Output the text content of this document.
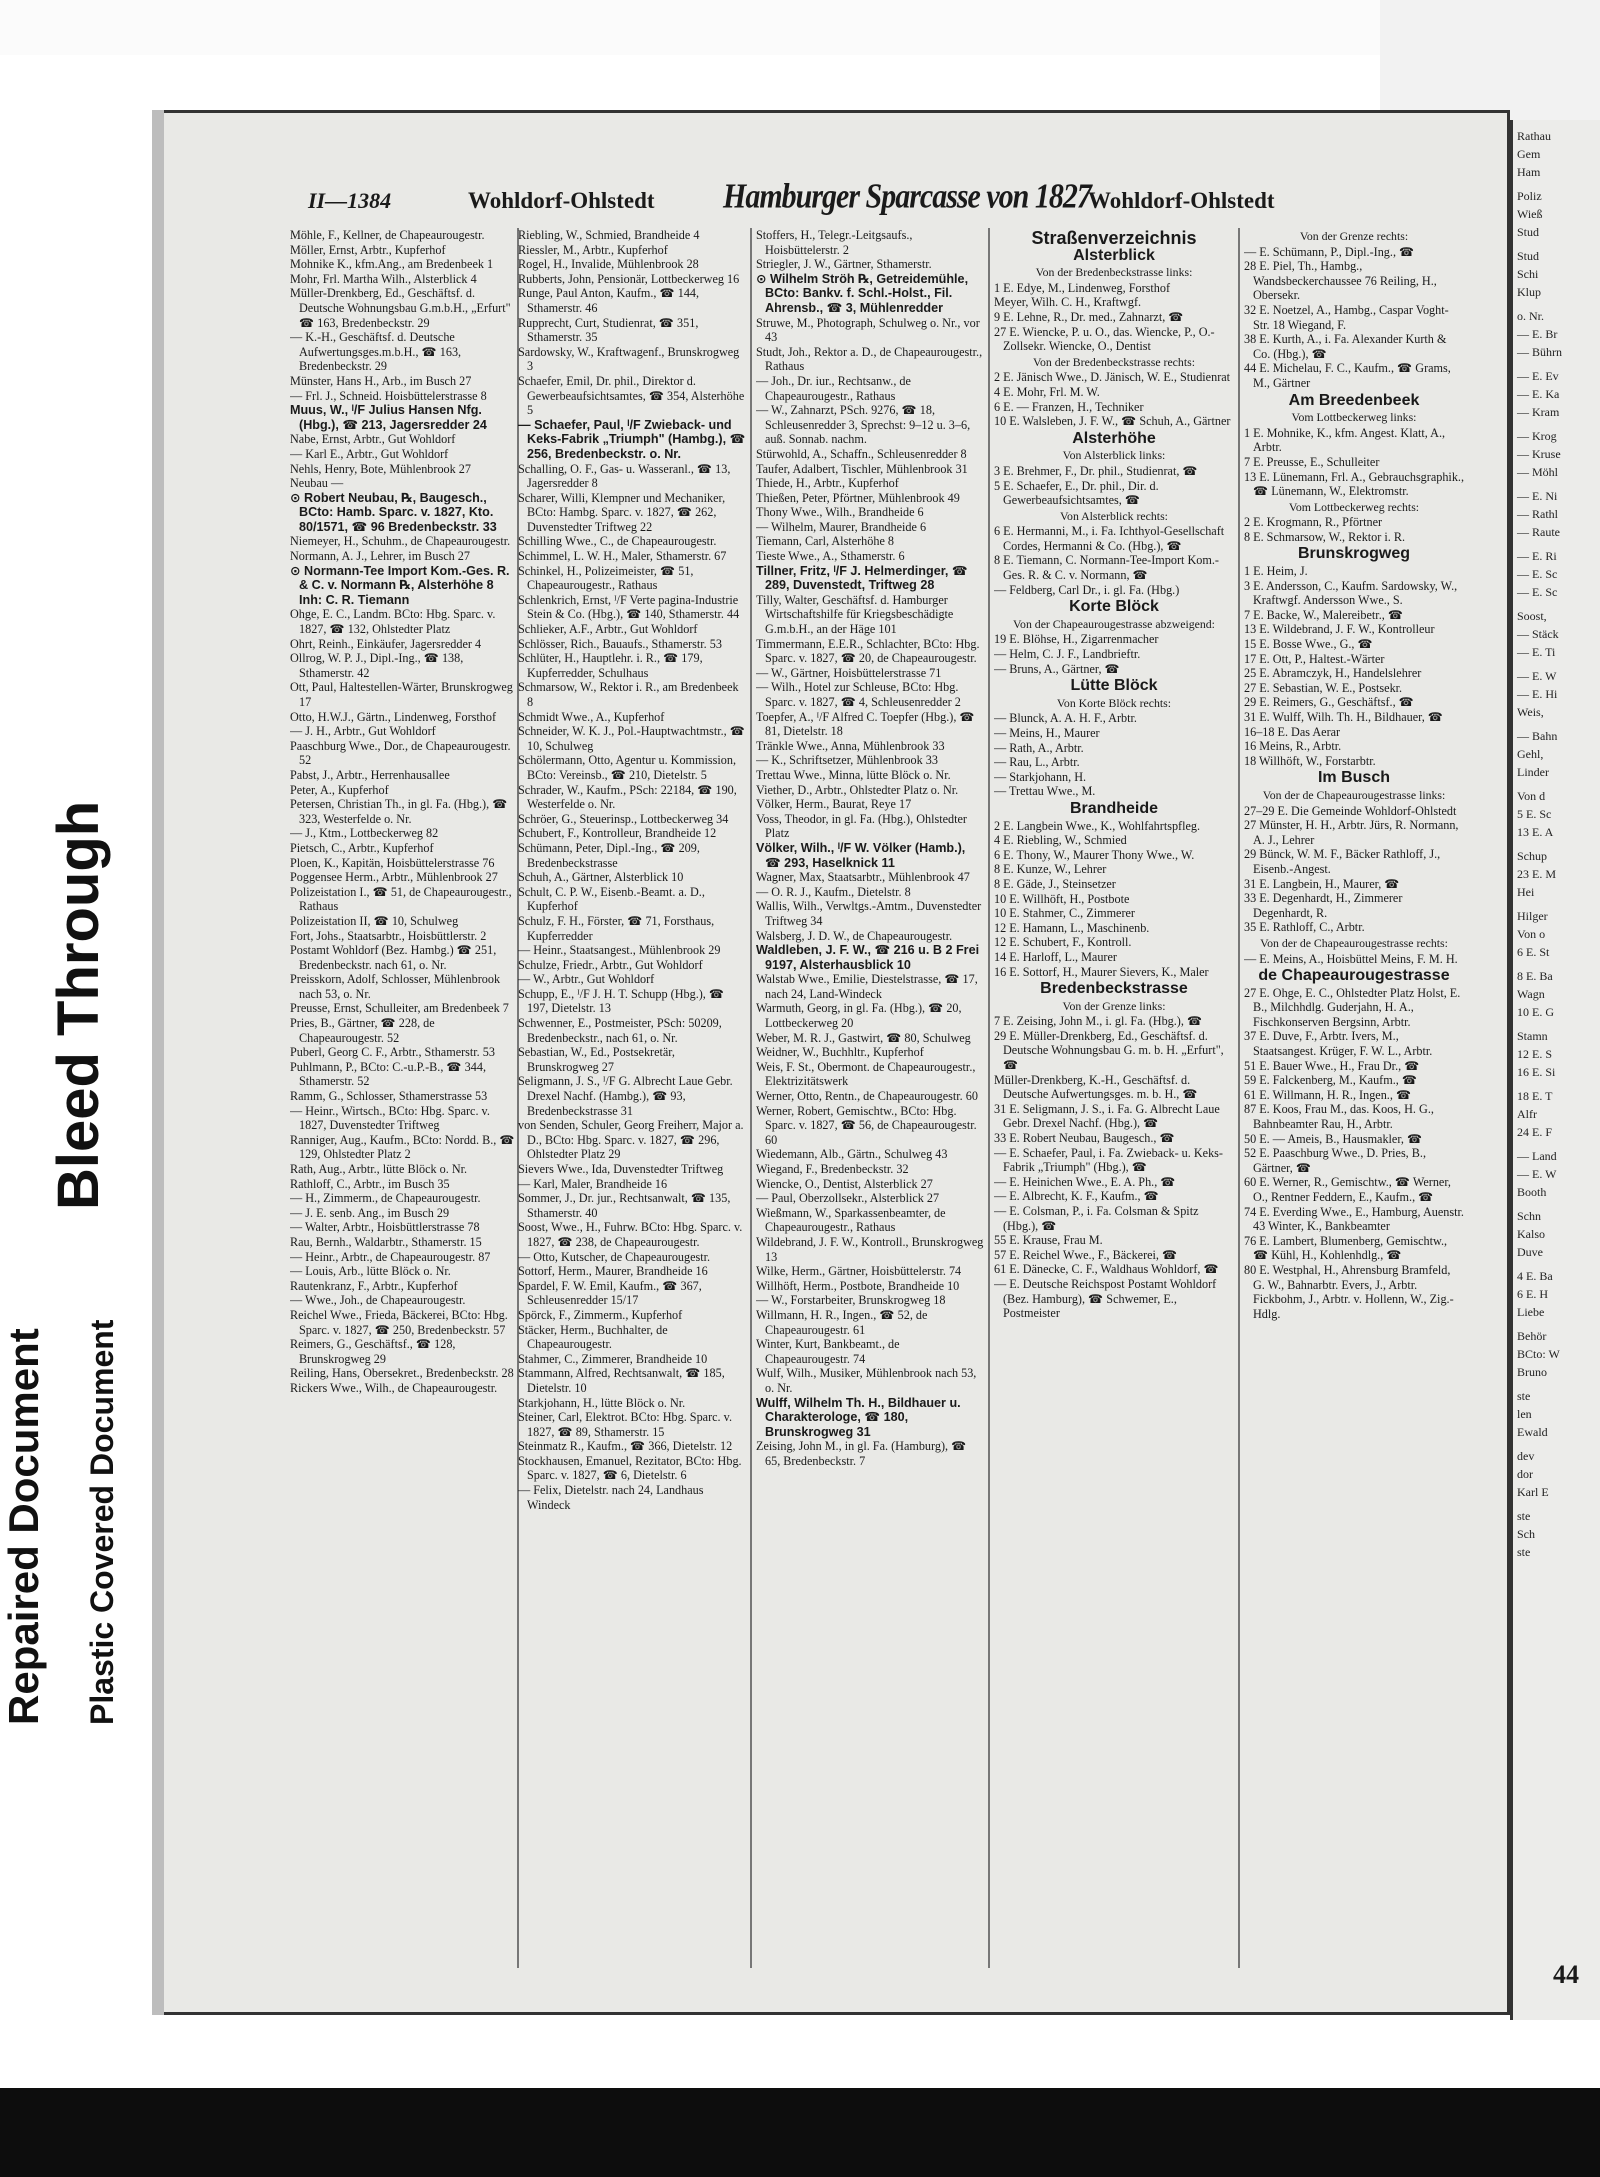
Repaired Document Plastic Covered Document
Bleed Through
Rathau
Gem
Ham
Poliz
Wieß
Stud
Stud
Schi
Klup
o. Nr.
— E. Br
— Bührn
— E. Ev
— E. Ka
— Kram
— Krog
— Kruse
— Möhl
— E. Ni
— Rathl
— Raute
— E. Ri
— E. Sc
— E. Sc
Soost,
— Stäck
— E. Ti
— E. W
— E. Hi
Weis,
— Bahn
Gehl,
Linder
Von d
5 E. Sc
13 E. A
Schup
23 E. M
Hei
Hilger
Von o
6 E. St
8 E. Ba
Wagn
10 E. G
Stamn
12 E. S
16 E. Si
18 E. T
Alfr
24 E. F
— Land
— E. W
Booth
Schn
Kalso
Duve
4 E. Ba
6 E. H
Liebe
Behör
BCto: W
Bruno
ste
len
Ewald
dev
dor
Karl E
ste
Sch
ste
44
II—1384	Wohldorf-Ohlstedt Hamburger Sparcasse von 1827
Wohldorf-Ohlstedt
Möhle, F., Kellner, de Chapeaurougestr.
Möller, Ernst, Arbtr., Kupferhof
Mohnike K., kfm.Ang., am Bredenbeek 1
Mohr, Frl. Martha Wilh., Alsterblick 4
Müller-Drenkberg, Ed., Geschäftsf. d. Deutsche Wohnungsbau G.m.b.H., „Erfurt" ☎ 163, Bredenbeckstr. 29
— K.-H., Geschäftsf. d. Deutsche Aufwertungsges.m.b.H., ☎ 163, Bredenbeckstr. 29
Münster, Hans H., Arb., im Busch 27
— Frl. J., Schneid. Hoisbüttelerstrasse 8
Muus, W., ᴵ/F Julius Hansen Nfg. (Hbg.), ☎ 213, Jagersredder 24
Nabe, Ernst, Arbtr., Gut Wohldorf
— Karl E., Arbtr., Gut Wohldorf
Nehls, Henry, Bote, Mühlenbrook 27
Neubau —
⊙ Robert Neubau, ℞, Baugesch., BCto: Hamb. Sparc. v. 1827, Kto. 80/1571, ☎ 96 Bredenbeckstr. 33
Niemeyer, H., Schuhm., de Chapeaurougestr.
Normann, A. J., Lehrer, im Busch 27
⊙ Normann-Tee Import Kom.-Ges. R. & C. v. Normann ℞, Alsterhöhe 8 Inh: C. R. Tiemann
Ohge, E. C., Landm. BCto: Hbg. Sparc. v. 1827, ☎ 132, Ohlstedter Platz
Ohrt, Reinh., Einkäufer, Jagersredder 4
Ollrog, W. P. J., Dipl.-Ing., ☎ 138, Sthamerstr. 42
Ott, Paul, Haltestellen-Wärter, Brunskrogweg 17
Otto, H.W.J., Gärtn., Lindenweg, Forsthof
— J. H., Arbtr., Gut Wohldorf
Paaschburg Wwe., Dor., de Chapeaurougestr. 52
Pabst, J., Arbtr., Herrenhausallee
Peter, A., Kupferhof
Petersen, Christian Th., in gl. Fa. (Hbg.), ☎ 323, Westerfelde o. Nr.
— J., Ktm., Lottbeckerweg 82
Pietsch, C., Arbtr., Kupferhof
Ploen, K., Kapitän, Hoisbüttelerstrasse 76
Poggensee Herm., Arbtr., Mühlenbrook 27
Polizeistation I., ☎ 51, de Chapeaurougestr., Rathaus
Polizeistation II, ☎ 10, Schulweg
Fort, Johs., Staatsarbtr., Hoisbüttlerstr. 2
Postamt Wohldorf (Bez. Hambg.) ☎ 251, Bredenbeckstr. nach 61, o. Nr.
Preisskorn, Adolf, Schlosser, Mühlenbrook nach 53, o. Nr.
Preusse, Ernst, Schulleiter, am Bredenbeek 7
Pries, B., Gärtner, ☎ 228, de Chapeaurougestr. 52
Puberl, Georg C. F., Arbtr., Sthamerstr. 53
Puhlmann, P., BCto: C.-u.P.-B., ☎ 344, Sthamerstr. 52
Ramm, G., Schlosser, Sthamerstrasse 53
— Heinr., Wirtsch., BCto: Hbg. Sparc. v. 1827, Duvenstedter Triftweg
Ranniger, Aug., Kaufm., BCto: Nordd. B., ☎ 129, Ohlstedter Platz 2
Rath, Aug., Arbtr., lütte Blöck o. Nr.
Rathloff, C., Arbtr., im Busch 35
— H., Zimmerm., de Chapeaurougestr.
— J. E. senb. Ang., im Busch 29
— Walter, Arbtr., Hoisbüttlerstrasse 78
Rau, Bernh., Waldarbtr., Sthamerstr. 15
— Heinr., Arbtr., de Chapeaurougestr. 87
— Louis, Arb., lütte Blöck o. Nr.
Rautenkranz, F., Arbtr., Kupferhof
— Wwe., Joh., de Chapeaurougestr.
Reichel Wwe., Frieda, Bäckerei, BCto: Hbg. Sparc. v. 1827, ☎ 250, Bredenbeckstr. 57
Reimers, G., Geschäftsf., ☎ 128, Brunskrogweg 29
Reiling, Hans, Obersekret., Bredenbeckstr. 28
Rickers Wwe., Wilh., de Chapeaurougestr.
Riebling, W., Schmied, Brandheide 4
Riessler, M., Arbtr., Kupferhof
Rogel, H., Invalide, Mühlenbrook 28
Rubberts, John, Pensionär, Lottbeckerweg 16
Runge, Paul Anton, Kaufm., ☎ 144, Sthamerstr. 46
Rupprecht, Curt, Studienrat, ☎ 351, Sthamerstr. 35
Sardowsky, W., Kraftwagenf., Brunskrogweg 3
Schaefer, Emil, Dr. phil., Direktor d. Gewerbeaufsichtsamtes, ☎ 354, Alsterhöhe 5
— Schaefer, Paul, ᴵ/F Zwieback- und Keks-Fabrik „Triumph" (Hambg.), ☎ 256, Bredenbeckstr. o. Nr.
Schalling, O. F., Gas- u. Wasseranl., ☎ 13, Jagersredder 8
Scharer, Willi, Klempner und Mechaniker, BCto: Hambg. Sparc. v. 1827, ☎ 262, Duvenstedter Triftweg 22
Schilling Wwe., C., de Chapeaurougestr.
Schimmel, L. W. H., Maler, Sthamerstr. 67
Schinkel, H., Polizeimeister, ☎ 51, Chapeaurougestr., Rathaus
Schlenkrich, Ernst, ᴵ/F Verte pagina-Industrie Stein & Co. (Hbg.), ☎ 140, Sthamerstr. 44
Schlieker, A.F., Arbtr., Gut Wohldorf
Schlösser, Rich., Bauaufs., Sthamerstr. 53
Schlüter, H., Hauptlehr. i. R., ☎ 179, Kupferredder, Schulhaus
Schmarsow, W., Rektor i. R., am Bredenbeek 8
Schmidt Wwe., A., Kupferhof
Schneider, W. K. J., Pol.-Hauptwachtmstr., ☎ 10, Schulweg
Schölermann, Otto, Agentur u. Kommission, BCto: Vereinsb., ☎ 210, Dietelstr. 5
Schrader, W., Kaufm., PSch: 22184, ☎ 190, Westerfelde o. Nr.
Schröer, G., Steuerinsp., Lottbeckerweg 34
Schubert, F., Kontrolleur, Brandheide 12
Schümann, Peter, Dipl.-Ing., ☎ 209, Bredenbeckstrasse
Schuh, A., Gärtner, Alsterblick 10
Schult, C. P. W., Eisenb.-Beamt. a. D., Kupferhof
Schulz, F. H., Förster, ☎ 71, Forsthaus, Kupferredder
— Heinr., Staatsangest., Mühlenbrook 29
Schulze, Friedr., Arbtr., Gut Wohldorf
— W., Arbtr., Gut Wohldorf
Schupp, E., ᴵ/F J. H. T. Schupp (Hbg.), ☎ 197, Dietelstr. 13
Schwenner, E., Postmeister, PSch: 50209, Bredenbeckstr., nach 61, o. Nr.
Sebastian, W., Ed., Postsekretär, Brunskrogweg 27
Seligmann, J. S., ᴵ/F G. Albrecht Laue Gebr. Drexel Nachf. (Hambg.), ☎ 93, Bredenbeckstrasse 31
von Senden, Schuler, Georg Freiherr, Major a. D., BCto: Hbg. Sparc. v. 1827, ☎ 296, Ohlstedter Platz 29
Sievers Wwe., Ida, Duvenstedter Triftweg
— Karl, Maler, Brandheide 16
Sommer, J., Dr. jur., Rechtsanwalt, ☎ 135, Sthamerstr. 40
Soost, Wwe., H., Fuhrw. BCto: Hbg. Sparc. v. 1827, ☎ 238, de Chapeaurougestr.
— Otto, Kutscher, de Chapeaurougestr.
Sottorf, Herm., Maurer, Brandheide 16
Spardel, F. W. Emil, Kaufm., ☎ 367, Schleusenredder 15/17
Spörck, F., Zimmerm., Kupferhof
Stäcker, Herm., Buchhalter, de Chapeaurougestr.
Stahmer, C., Zimmerer, Brandheide 10
Stammann, Alfred, Rechtsanwalt, ☎ 185, Dietelstr. 10
Starkjohann, H., lütte Blöck o. Nr.
Steiner, Carl, Elektrot. BCto: Hbg. Sparc. v. 1827, ☎ 89, Sthamerstr. 15
Steinmatz R., Kaufm., ☎ 366, Dietelstr. 12
Stockhausen, Emanuel, Rezitator, BCto: Hbg. Sparc. v. 1827, ☎ 6, Dietelstr. 6
— Felix, Dietelstr. nach 24, Landhaus Windeck
Stoffers, H., Telegr.-Leitgsaufs., Hoisbüttelerstr. 2
Striegler, J. W., Gärtner, Sthamerstr.
⊙ Wilhelm Ströh ℞, Getreidemühle, BCto: Bankv. f. Schl.-Holst., Fil. Ahrensb., ☎ 3, Mühlenredder
Struwe, M., Photograph, Schulweg o. Nr., vor 43
Studt, Joh., Rektor a. D., de Chapeaurougestr., Rathaus
— Joh., Dr. iur., Rechtsanw., de Chapeaurougestr., Rathaus
— W., Zahnarzt, PSch. 9276, ☎ 18, Schleusenredder 3, Sprechst: 9–12 u. 3–6, auß. Sonnab. nachm.
Stürwohld, A., Schaffn., Schleusenredder 8
Taufer, Adalbert, Tischler, Mühlenbrook 31
Thiede, H., Arbtr., Kupferhof
Thießen, Peter, Pförtner, Mühlenbrook 49
Thony Wwe., Wilh., Brandheide 6
— Wilhelm, Maurer, Brandheide 6
Tiemann, Carl, Alsterhöhe 8
Tieste Wwe., A., Sthamerstr. 6
Tillner, Fritz, ᴵ/F J. Helmerdinger, ☎ 289, Duvenstedt, Triftweg 28
Tilly, Walter, Geschäftsf. d. Hamburger Wirtschaftshilfe für Kriegsbeschädigte G.m.b.H., an der Häge 101
Timmermann, E.E.R., Schlachter, BCto: Hbg. Sparc. v. 1827, ☎ 20, de Chapeaurougestr.
— W., Gärtner, Hoisbüttelerstrasse 71
— Wilh., Hotel zur Schleuse, BCto: Hbg. Sparc. v. 1827, ☎ 4, Schleusenredder 2
Toepfer, A., ᴵ/F Alfred C. Toepfer (Hbg.), ☎ 81, Dietelstr. 18
Tränkle Wwe., Anna, Mühlenbrook 33
— K., Schriftsetzer, Mühlenbrook 33
Trettau Wwe., Minna, lütte Blöck o. Nr.
Viether, D., Arbtr., Ohlstedter Platz o. Nr.
Völker, Herm., Baurat, Reye 17
Voss, Theodor, in gl. Fa. (Hbg.), Ohlstedter Platz
Völker, Wilh., ᴵ/F W. Völker (Hamb.), ☎ 293, Haselknick 11
Wagner, Max, Staatsarbtr., Mühlenbrook 47
— O. R. J., Kaufm., Dietelstr. 8
Wallis, Wilh., Verwltgs.-Amtm., Duvenstedter Triftweg 34
Walsberg, J. D. W., de Chapeaurougestr.
Waldleben, J. F. W., ☎ 216 u. B 2 Frei 9197, Alsterhausblick 10
Walstab Wwe., Emilie, Diestelstrasse, ☎ 17, nach 24, Land-Windeck
Warmuth, Georg, in gl. Fa. (Hbg.), ☎ 20, Lottbeckerweg 20
Weber, M. R. J., Gastwirt, ☎ 80, Schulweg
Weidner, W., Buchhltr., Kupferhof
Weis, F. St., Obermont. de Chapeaurougestr., Elektrizitätswerk
Werner, Otto, Rentn., de Chapeaurougestr. 60
Werner, Robert, Gemischtw., BCto: Hbg. Sparc. v. 1827, ☎ 56, de Chapeaurougestr. 60
Wiedemann, Alb., Gärtn., Schulweg 43
Wiegand, F., Bredenbeckstr. 32
Wiencke, O., Dentist, Alsterblick 27
— Paul, Oberzollsekr., Alsterblick 27
Wießmann, W., Sparkassenbeamter, de Chapeaurougestr., Rathaus
Wildebrand, J. F. W., Kontroll., Brunskrogweg 13
Wilke, Herm., Gärtner, Hoisbüttelerstr. 74
Willhöft, Herm., Postbote, Brandheide 10
— W., Forstarbeiter, Brunskrogweg 18
Willmann, H. R., Ingen., ☎ 52, de Chapeaurougestr. 61
Winter, Kurt, Bankbeamt., de Chapeaurougestr. 74
Wulf, Wilh., Musiker, Mühlenbrook nach 53, o. Nr.
Wulff, Wilhelm Th. H., Bildhauer u. Charakterologe, ☎ 180, Brunskrogweg 31
Zeising, John M., in gl. Fa. (Hamburg), ☎ 65, Bredenbeckstr. 7
Straßenverzeichnis
Alsterblick
Von der Bredenbeckstrasse links:
1 E. Edye, M., Lindenweg, Forsthof
Meyer, Wilh. C. H., Kraftwgf.
9 E. Lehne, R., Dr. med., Zahnarzt, ☎
27 E. Wiencke, P. u. O., das. Wiencke, P., O.-Zollsekr. Wiencke, O., Dentist
Von der Bredenbeckstrasse rechts:
2 E. Jänisch Wwe., D. Jänisch, W. E., Studienrat
4 E. Mohr, Frl. M. W.
6 E. — Franzen, H., Techniker
10 E. Walsleben, J. F. W., ☎ Schuh, A., Gärtner
Alsterhöhe
Von Alsterblick links:
3 E. Brehmer, F., Dr. phil., Studienrat, ☎
5 E. Schaefer, E., Dr. phil., Dir. d. Gewerbeaufsichtsamtes, ☎
Von Alsterblick rechts:
6 E. Hermanni, M., i. Fa. Ichthyol-Gesellschaft Cordes, Hermanni & Co. (Hbg.), ☎
8 E. Tiemann, C. Normann-Tee-Import Kom.-Ges. R. & C. v. Normann, ☎
— Feldberg, Carl Dr., i. gl. Fa. (Hbg.)
Korte Blöck
Von der Chapeaurougestrasse abzweigend:
19 E. Blöhse, H., Zigarrenmacher
— Helm, C. J. F., Landbrieftr.
— Bruns, A., Gärtner, ☎
Lütte Blöck
Von Korte Blöck rechts:
— Blunck, A. A. H. F., Arbtr.
— Meins, H., Maurer
— Rath, A., Arbtr.
— Rau, L., Arbtr.
— Starkjohann, H.
— Trettau Wwe., M.
Brandheide
2 E. Langbein Wwe., K., Wohlfahrtspfleg.
4 E. Riebling, W., Schmied
6 E. Thony, W., Maurer Thony Wwe., W.
8 E. Kunze, W., Lehrer
8 E. Gäde, J., Steinsetzer
10 E. Willhöft, H., Postbote
10 E. Stahmer, C., Zimmerer
12 E. Hamann, L., Maschinenb.
12 E. Schubert, F., Kontroll.
14 E. Harloff, L., Maurer
16 E. Sottorf, H., Maurer Sievers, K., Maler
Bredenbeckstrasse
Von der Grenze links:
7 E. Zeising, John M., i. gl. Fa. (Hbg.), ☎
29 E. Müller-Drenkberg, Ed., Geschäftsf. d. Deutsche Wohnungsbau G. m. b. H. „Erfurt", ☎
Müller-Drenkberg, K.-H., Geschäftsf. d. Deutsche Aufwertungsges. m. b. H., ☎
31 E. Seligmann, J. S., i. Fa. G. Albrecht Laue Gebr. Drexel Nachf. (Hbg.), ☎
33 E. Robert Neubau, Baugesch., ☎
— E. Schaefer, Paul, i. Fa. Zwieback- u. Keks-Fabrik „Triumph" (Hbg.), ☎
— E. Heinichen Wwe., E. A. Ph., ☎
— E. Albrecht, K. F., Kaufm., ☎
— E. Colsman, P., i. Fa. Colsman & Spitz (Hbg.), ☎
55 E. Krause, Frau M.
57 E. Reichel Wwe., F., Bäckerei, ☎
61 E. Dänecke, C. F., Waldhaus Wohldorf, ☎
— E. Deutsche Reichspost Postamt Wohldorf (Bez. Hamburg), ☎ Schwemer, E., Postmeister
Von der Grenze rechts:
— E. Schümann, P., Dipl.-Ing., ☎
28 E. Piel, Th., Hambg., Wandsbeckerchaussee 76 Reiling, H., Obersekr.
32 E. Noetzel, A., Hambg., Caspar Voght-Str. 18 Wiegand, F.
38 E. Kurth, A., i. Fa. Alexander Kurth & Co. (Hbg.), ☎
44 E. Michelau, F. C., Kaufm., ☎ Grams, M., Gärtner
Am Breedenbeek
Vom Lottbeckerweg links:
1 E. Mohnike, K., kfm. Angest. Klatt, A., Arbtr.
7 E. Preusse, E., Schulleiter
13 E. Lünemann, Frl. A., Gebrauchsgraphik., ☎ Lünemann, W., Elektromstr.
Vom Lottbeckerweg rechts:
2 E. Krogmann, R., Pförtner
8 E. Schmarsow, W., Rektor i. R.
Brunskrogweg
1 E. Heim, J.
3 E. Andersson, C., Kaufm. Sardowsky, W., Kraftwgf. Andersson Wwe., S.
7 E. Backe, W., Malereibetr., ☎
13 E. Wildebrand, J. F. W., Kontrolleur
15 E. Bosse Wwe., G., ☎
17 E. Ott, P., Haltest.-Wärter
25 E. Abramczyk, H., Handelslehrer
27 E. Sebastian, W. E., Postsekr.
29 E. Reimers, G., Geschäftsf., ☎
31 E. Wulff, Wilh. Th. H., Bildhauer, ☎
16–18 E. Das Aerar
16 Meins, R., Arbtr.
18 Willhöft, W., Forstarbtr.
Im Busch
Von der de Chapeaurougestrasse links:
27–29 E. Die Gemeinde Wohldorf-Ohlstedt
27 Münster, H. H., Arbtr. Jürs, R. Normann, A. J., Lehrer
29 Bünck, W. M. F., Bäcker Rathloff, J., Eisenb.-Angest.
31 E. Langbein, H., Maurer, ☎
33 E. Degenhardt, H., Zimmerer Degenhardt, R.
35 E. Rathloff, C., Arbtr.
Von der de Chapeaurougestrasse rechts:
— E. Meins, A., Hoisbüttel Meins, F. M. H.
de Chapeaurougestrasse
27 E. Ohge, E. C., Ohlstedter Platz Holst, E. B., Milchhdlg. Guderjahn, H. A., Fischkonserven Bergsinn, Arbtr.
37 E. Duve, F., Arbtr. Ivers, M., Staatsangest. Krüger, F. W. L., Arbtr.
51 E. Bauer Wwe., H., Frau Dr., ☎
59 E. Falckenberg, M., Kaufm., ☎
61 E. Willmann, H. R., Ingen., ☎
87 E. Koos, Frau M., das. Koos, H. G., Bahnbeamter Rau, H., Arbtr.
50 E. — Ameis, B., Hausmakler, ☎
52 E. Paaschburg Wwe., D. Pries, B., Gärtner, ☎
60 E. Werner, R., Gemischtw., ☎ Werner, O., Rentner Feddern, E., Kaufm., ☎
74 E. Everding Wwe., E., Hamburg, Auenstr. 43 Winter, K., Bankbeamter
76 E. Lambert, Blumenberg, Gemischtw., ☎ Kühl, H., Kohlenhdlg., ☎
80 E. Westphal, H., Ahrensburg Bramfeld, G. W., Bahnarbtr. Evers, J., Arbtr. Fickbohm, J., Arbtr. v. Hollenn, W., Zig.-Hdlg.
